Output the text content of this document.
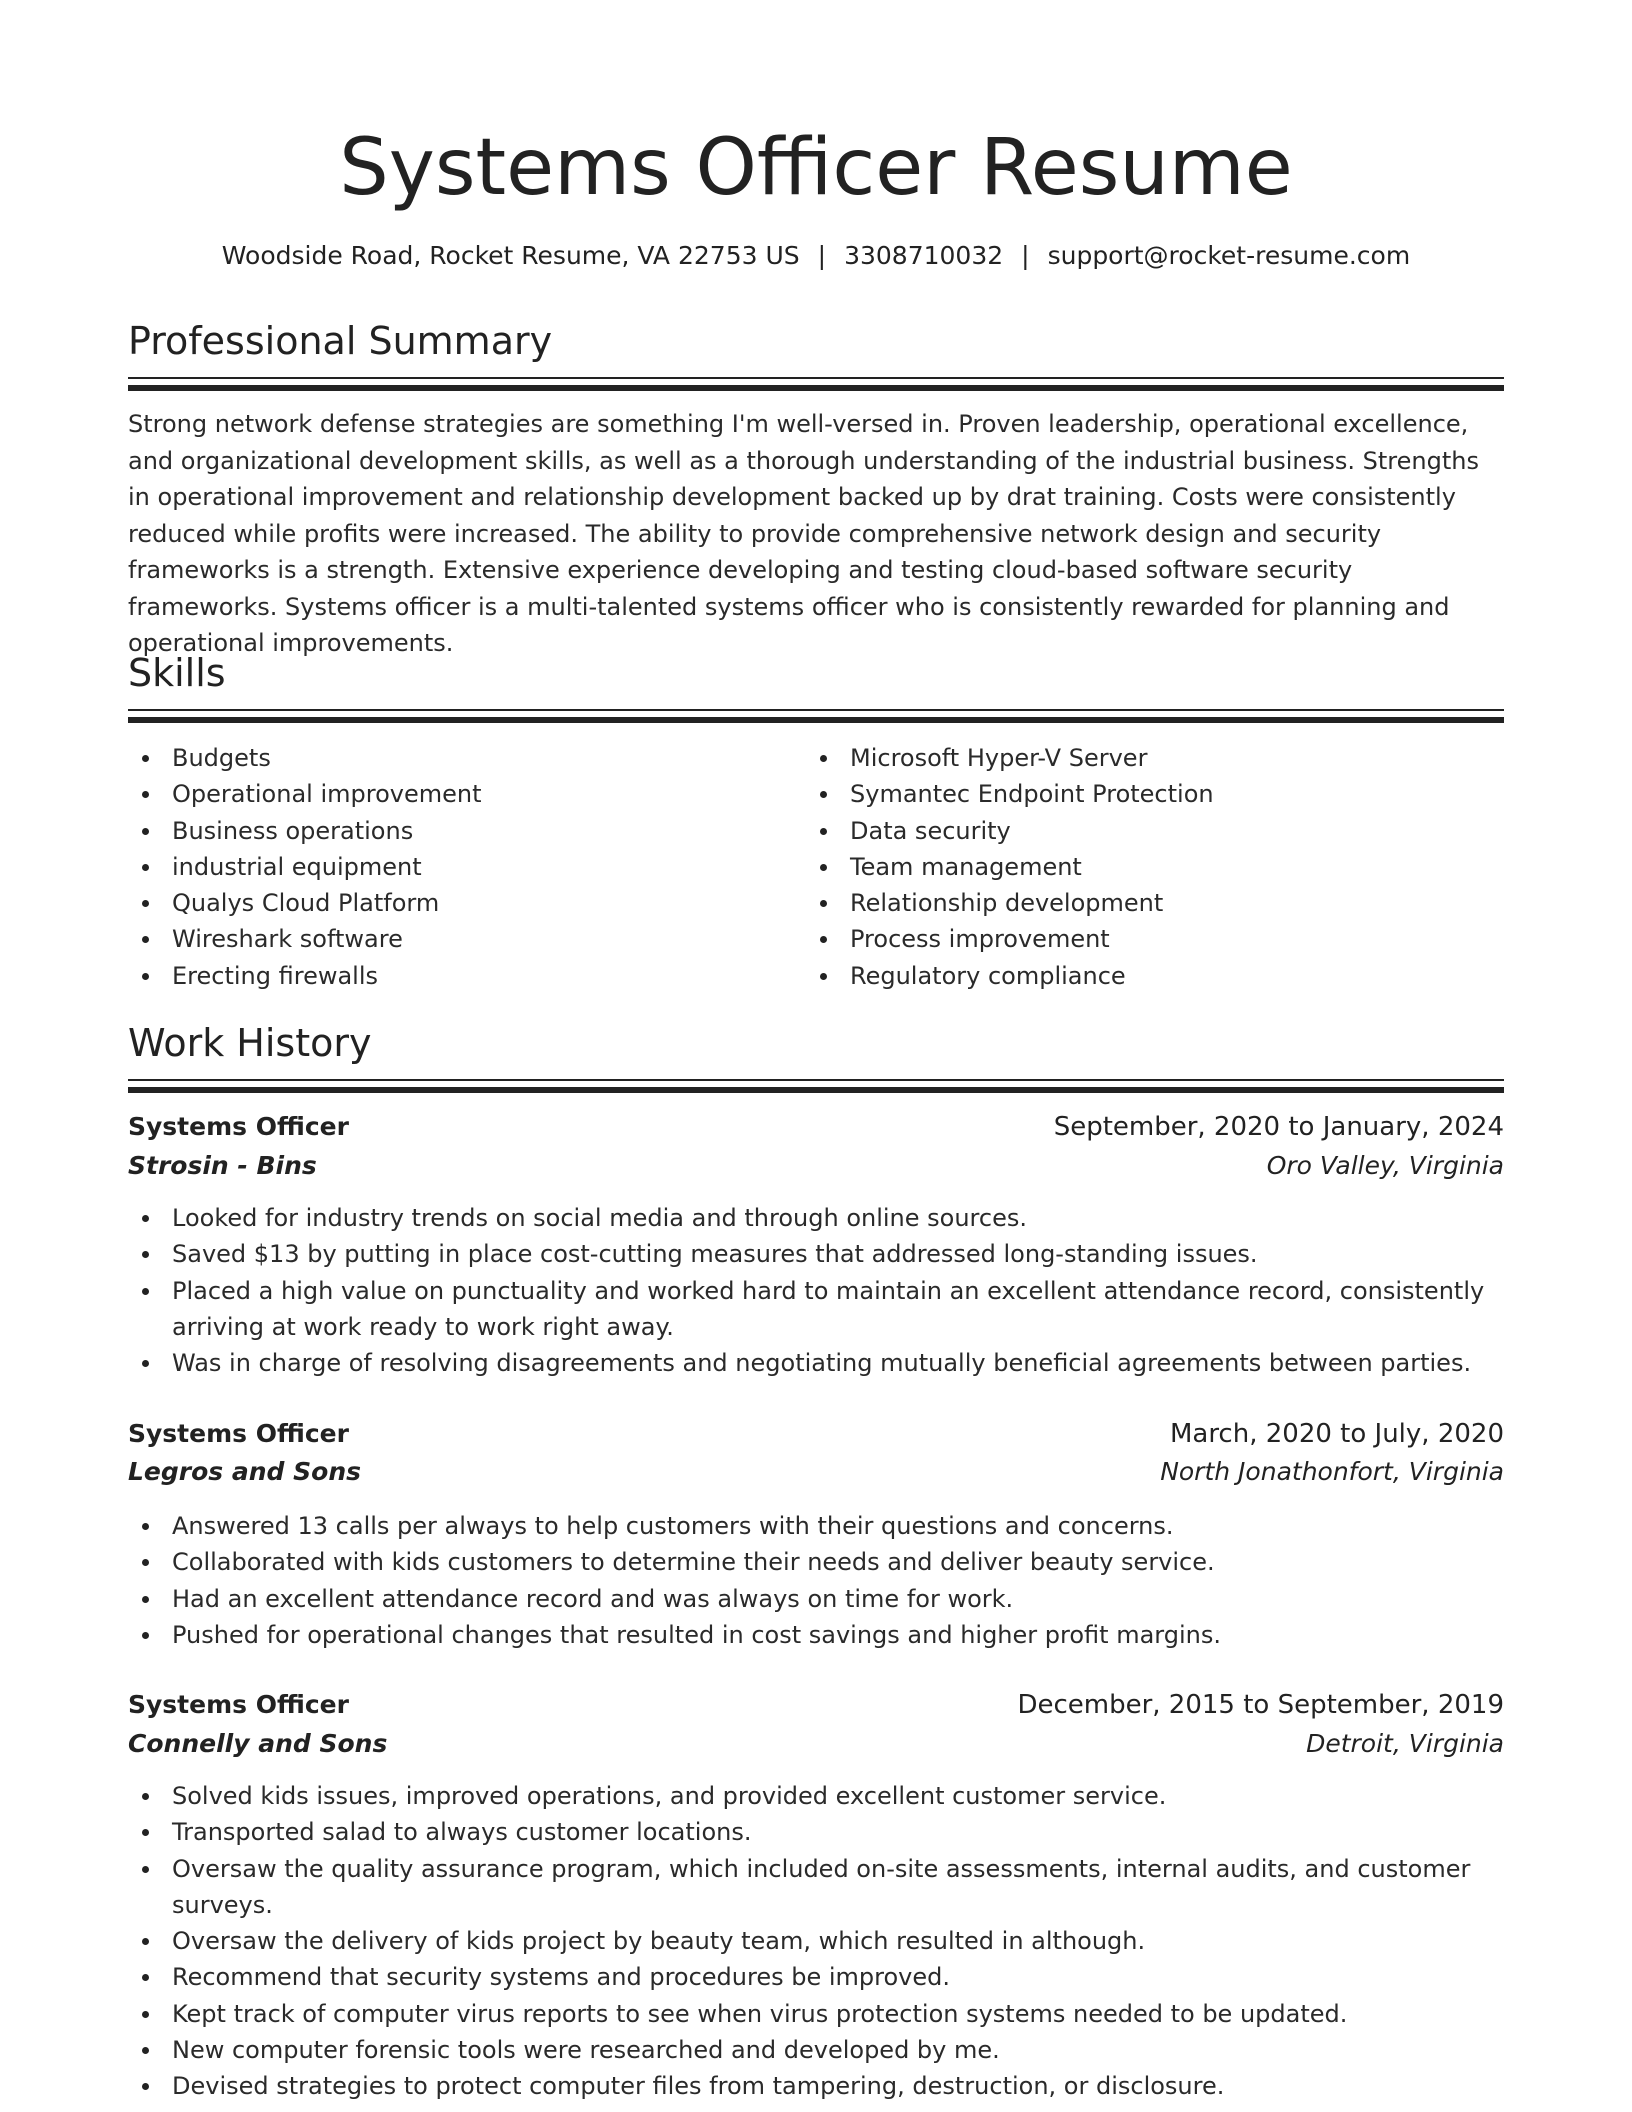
Systems Officer Resume
Woodside Road, Rocket Resume, VA 22753 US | 3308710032 | support@rocket-resume.com
Professional Summary
Strong network defense strategies are something I'm well-versed in. Proven leadership, operational excellence, and organizational development skills, as well as a thorough understanding of the industrial business. Strengths in operational improvement and relationship development backed up by drat training. Costs were consistently reduced while profits were increased. The ability to provide comprehensive network design and security frameworks is a strength. Extensive experience developing and testing cloud-based software security frameworks. Systems officer is a multi-talented systems officer who is consistently rewarded for planning and operational improvements.
Skills
Budgets
Operational improvement
Business operations
industrial equipment
Qualys Cloud Platform
Wireshark software
Erecting firewalls
Microsoft Hyper-V Server
Symantec Endpoint Protection
Data security
Team management
Relationship development
Process improvement
Regulatory compliance
Work History
Systems Officer	September, 2020 to January, 2024
Strosin - Bins	Oro Valley, Virginia
Looked for industry trends on social media and through online sources.
Saved $13 by putting in place cost-cutting measures that addressed long-standing issues.
Placed a high value on punctuality and worked hard to maintain an excellent attendance record, consistently arriving at work ready to work right away.
Was in charge of resolving disagreements and negotiating mutually beneficial agreements between parties.
Systems Officer	March, 2020 to July, 2020
Legros and Sons	North Jonathonfort, Virginia
Answered 13 calls per always to help customers with their questions and concerns.
Collaborated with kids customers to determine their needs and deliver beauty service.
Had an excellent attendance record and was always on time for work.
Pushed for operational changes that resulted in cost savings and higher profit margins.
Systems Officer	December, 2015 to September, 2019
Connelly and Sons	Detroit, Virginia
Solved kids issues, improved operations, and provided excellent customer service.
Transported salad to always customer locations.
Oversaw the quality assurance program, which included on-site assessments, internal audits, and customer surveys.
Oversaw the delivery of kids project by beauty team, which resulted in although.
Recommend that security systems and procedures be improved.
Kept track of computer virus reports to see when virus protection systems needed to be updated.
New computer forensic tools were researched and developed by me.
Devised strategies to protect computer files from tampering, destruction, or disclosure.
